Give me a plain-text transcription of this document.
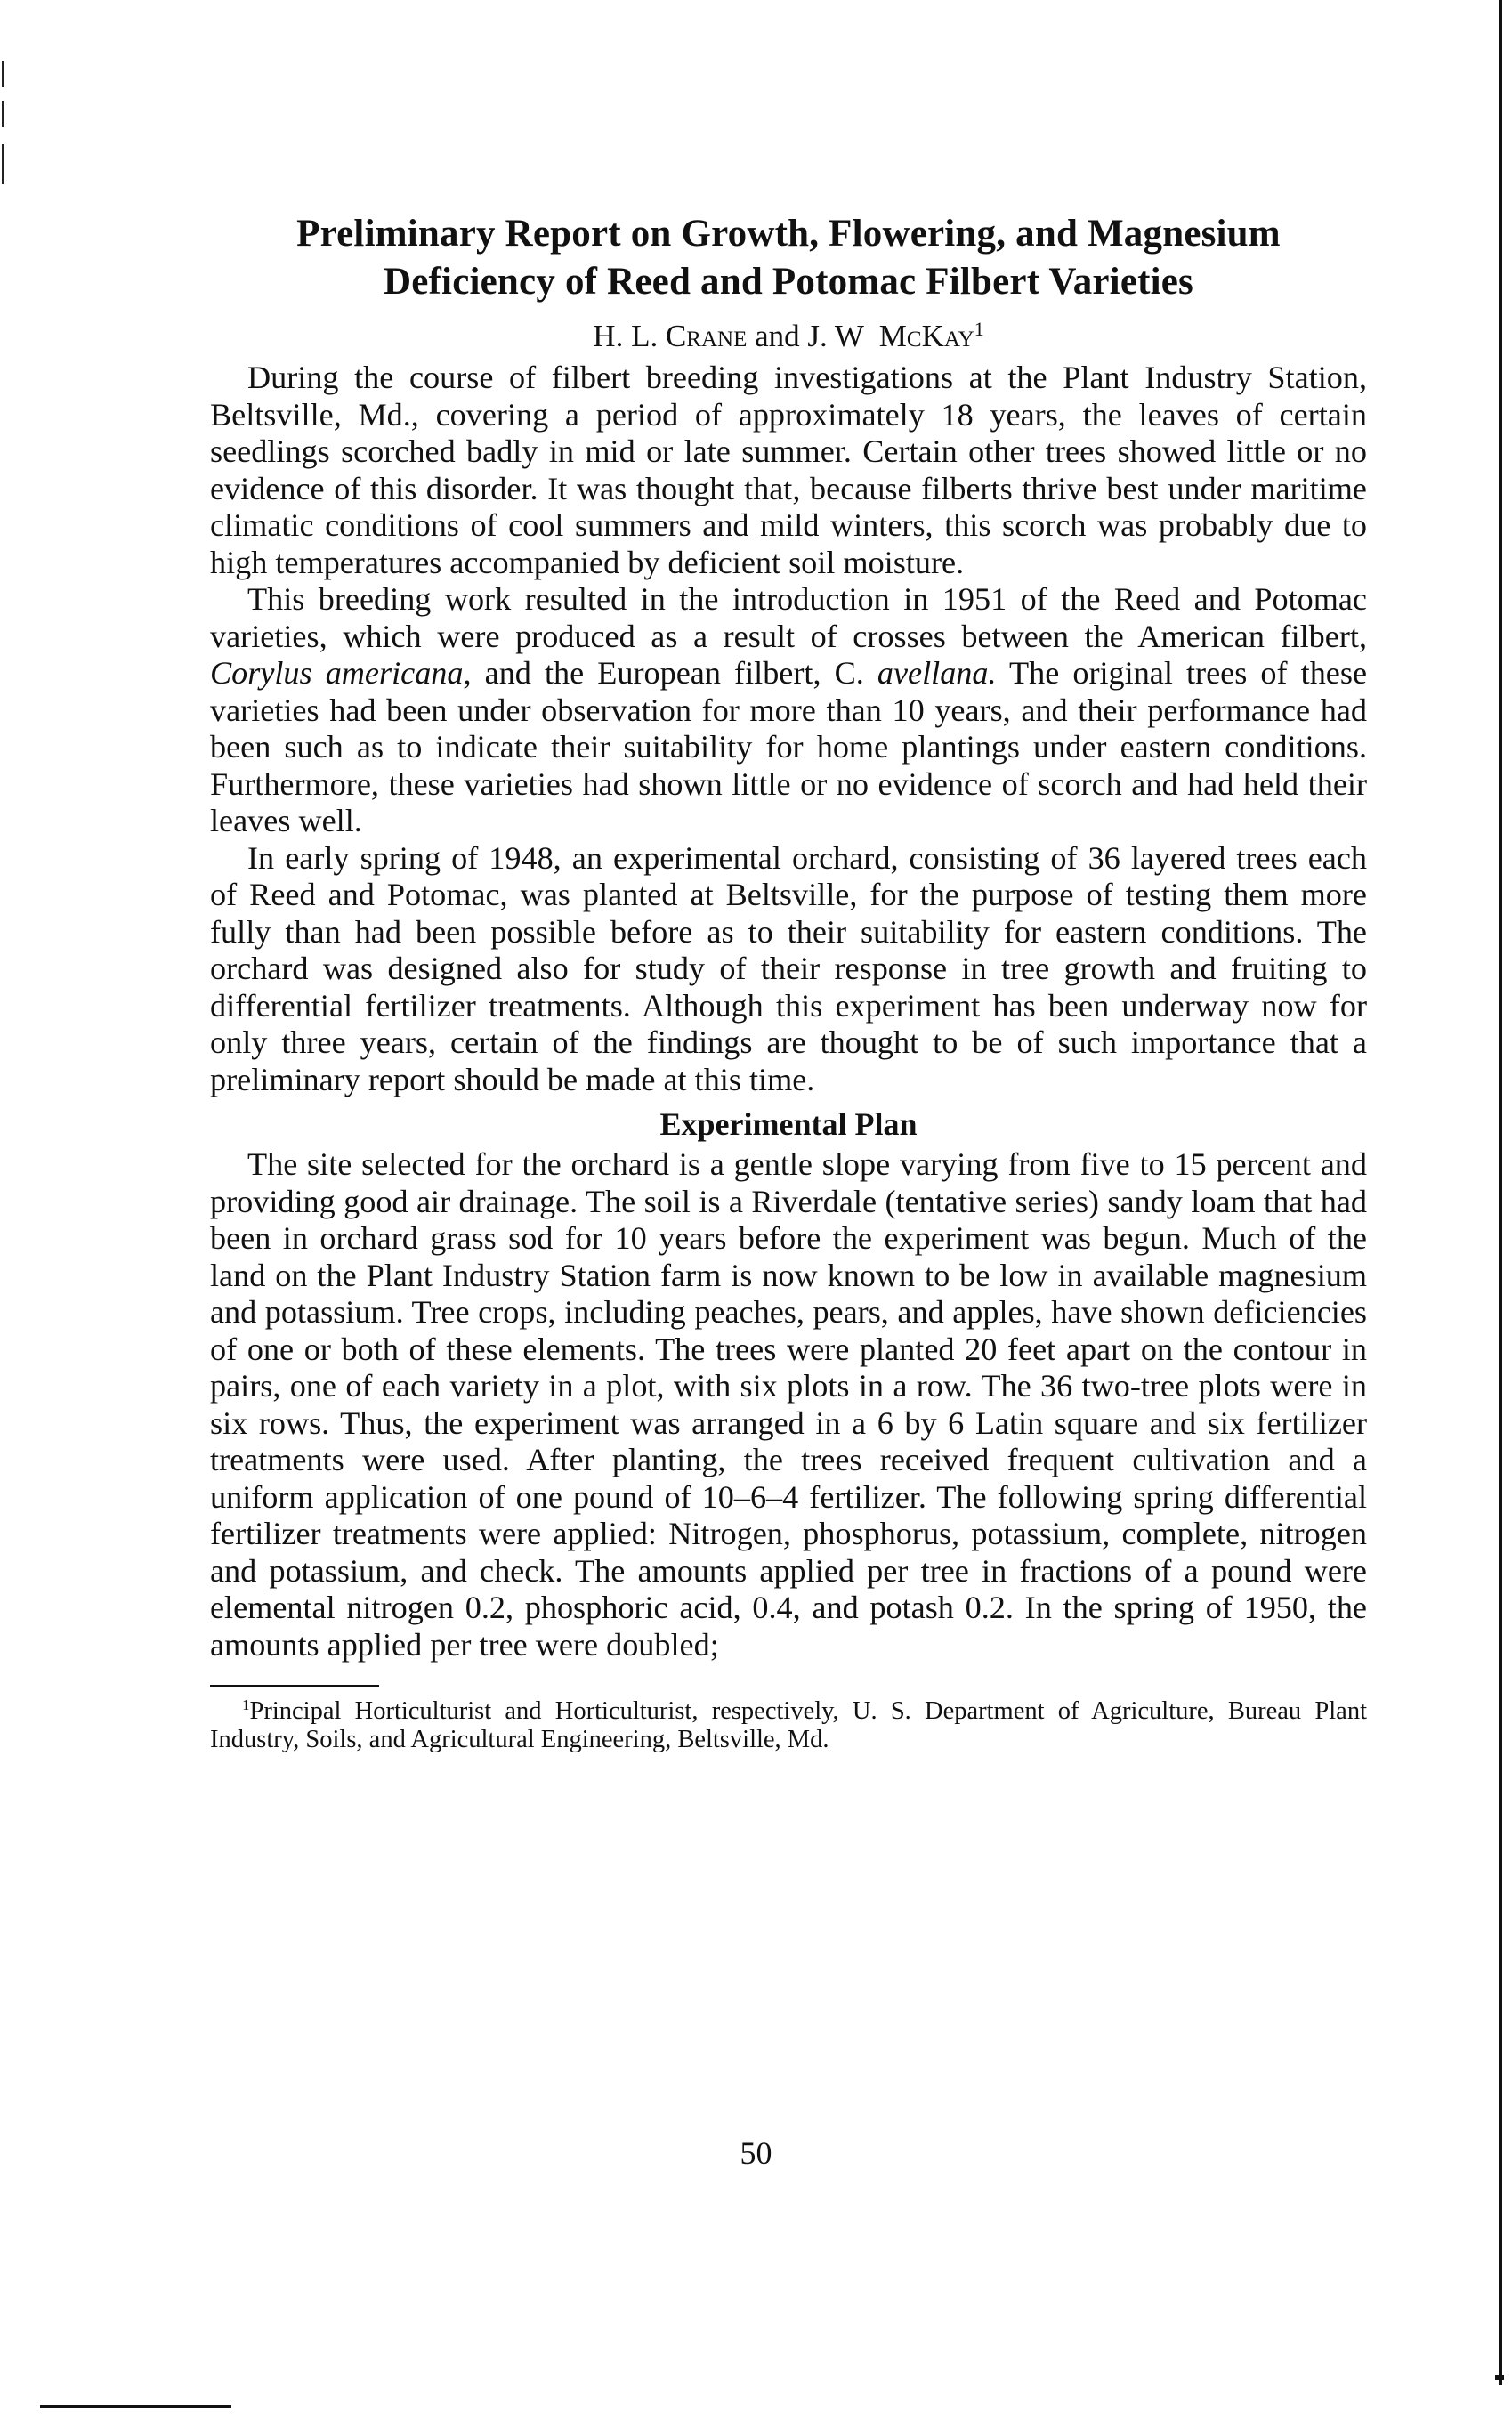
Preliminary Report on Growth, Flowering, and Magnesium
Deficiency of Reed and Potomac Filbert Varieties
H. L. Crane and J. W  McKay$^1$

During the course of filbert breeding investigations at the Plant Industry Station, Beltsville, Md., covering a period of approximately 18 years, the leaves of certain seedlings scorched badly in mid or late summer. Certain other trees showed little or no evidence of this disorder. It was thought that, because filberts thrive best under maritime climatic conditions of cool summers and mild winters, this scorch was probably due to high temperatures accompanied by deficient soil moisture.

This breeding work resulted in the introduction in 1951 of the Reed and Potomac varieties, which were produced as a result of crosses between the American filbert, Corylus americana, and the European filbert, C. avellana. The original trees of these varieties had been under observation for more than 10 years, and their performance had been such as to indicate their suitability for home plantings under eastern conditions. Furthermore, these varieties had shown little or no evidence of scorch and had held their leaves well.

In early spring of 1948, an experimental orchard, consisting of 36 layered trees each of Reed and Potomac, was planted at Beltsville, for the purpose of testing them more fully than had been possible before as to their suitability for eastern conditions. The orchard was designed also for study of their response in tree growth and fruiting to differential fertilizer treatments. Although this experiment has been underway now for only three years, certain of the findings are thought to be of such importance that a preliminary report should be made at this time.

Experimental Plan

The site selected for the orchard is a gentle slope varying from five to 15 percent and providing good air drainage. The soil is a Riverdale (tentative series) sandy loam that had been in orchard grass sod for 10 years before the experiment was begun. Much of the land on the Plant Industry Station farm is now known to be low in available magnesium and potassium. Tree crops, including peaches, pears, and apples, have shown deficiencies of one or both of these elements. The trees were planted 20 feet apart on the contour in pairs, one of each variety in a plot, with six plots in a row. The 36 two-tree plots were in six rows. Thus, the experiment was arranged in a 6 by 6 Latin square and six fertilizer treatments were used. After planting, the trees received frequent cultivation and a uniform application of one pound of 10–6–4 fertilizer. The following spring differential fertilizer treatments were applied: Nitrogen, phosphorus, potassium, complete, nitrogen and potassium, and check. The amounts applied per tree in fractions of a pound were elemental nitrogen 0.2, phosphoric acid, 0.4, and potash 0.2. In the spring of 1950, the amounts applied per tree were doubled;

$^1$Principal Horticulturist and Horticulturist, respectively, U. S. Department of Agriculture, Bureau Plant Industry, Soils, and Agricultural Engineering, Beltsville, Md.

50
